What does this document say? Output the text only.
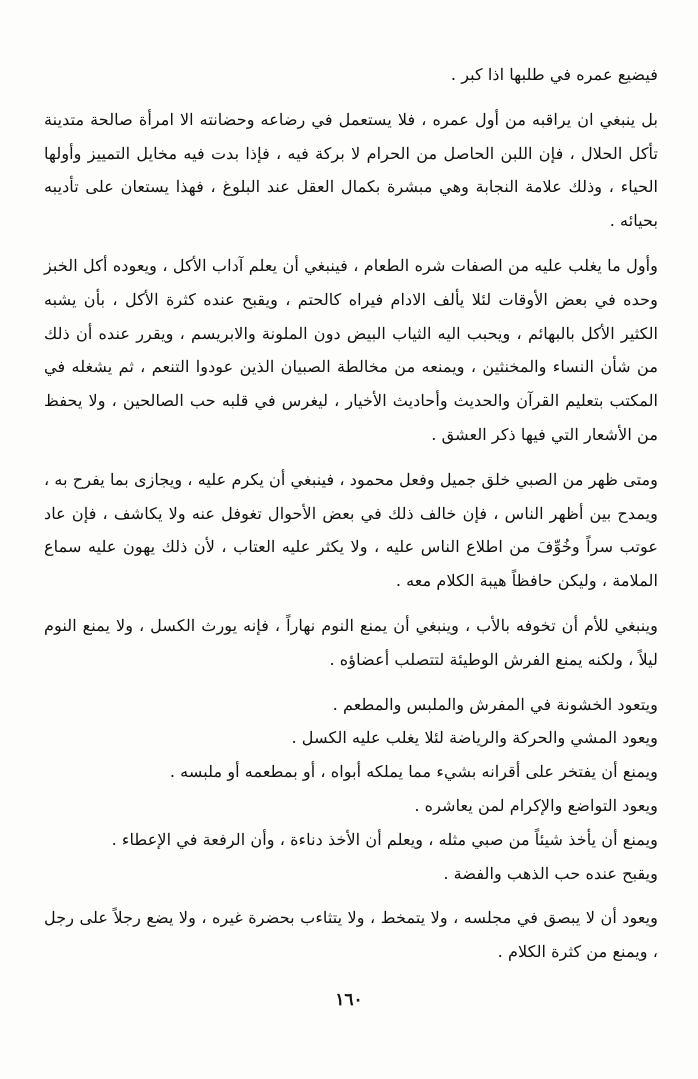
فيضيع عمره في طلبها اذا كبر .

بل ينبغي ان يراقبه من أول عمره ، فلا يستعمل في رضاعه وحضانته الا امرأة صالحة متدينة تأكل الحلال ، فإن اللبن الحاصل من الحرام لا بركة فيه ، فإذا بدت فيه مخايل التمييز وأولها الحياء ، وذلك علامة النجابة وهي مبشرة بكمال العقل عند البلوغ ، فهذا يستعان على تأديبه بحيائه .

وأول ما يغلب عليه من الصفات شره الطعام ، فينبغي أن يعلم آداب الأكل ، ويعوده أكل الخبز وحده في بعض الأوقات لئلا يألف الادام فيراه كالحتم ، ويقبح عنده كثرة الأكل ، بأن يشبه الكثير الأكل بالبهائم ، ويحبب اليه الثياب البيض دون الملونة والابريسم ، ويقرر عنده أن ذلك من شأن النساء والمخنثين ، ويمنعه من مخالطة الصبيان الذين عودوا التنعم ، ثم يشغله في المكتب بتعليم القرآن والحديث وأحاديث الأخيار ، ليغرس في قلبه حب الصالحين ، ولا يحفظ من الأشعار التي فيها ذكر العشق .

ومتى ظهر من الصبي خلق جميل وفعل محمود ، فينبغي أن يكرم عليه ، ويجازى بما يفرح به ، ويمدح بين أظهر الناس ، فإن خالف ذلك في بعض الأحوال تغوفل عنه ولا يكاشف ، فإن عاد عوتب سراً وخُوِّفَ من اطلاع الناس عليه ، ولا يكثر عليه العتاب ، لأن ذلك يهون عليه سماع الملامة ، وليكن حافظاً هيبة الكلام معه .

وينبغي للأم أن تخوفه بالأب ، وينبغي أن يمنع النوم نهاراً ، فإنه يورث الكسل ، ولا يمنع النوم ليلاً ، ولكنه يمنع الفرش الوطيئة لتتصلب أعضاؤه .

ويتعود الخشونة في المفرش والملبس والمطعم .

ويعود المشي والحركة والرياضة لئلا يغلب عليه الكسل .

ويمنع أن يفتخر على أقرانه بشيء مما يملكه أبواه ، أو بمطعمه أو ملبسه .

ويعود التواضع والإكرام لمن يعاشره .

ويمنع أن يأخذ شيئاً من صبي مثله ، ويعلم أن الأخذ دناءة ، وأن الرفعة في الإعطاء .

ويقبح عنده حب الذهب والفضة .

ويعود أن لا يبصق في مجلسه ، ولا يتمخط ، ولا يتثاءب بحضرة غيره ، ولا يضع رجلاً على رجل ، ويمنع من كثرة الكلام .

١٦٠
